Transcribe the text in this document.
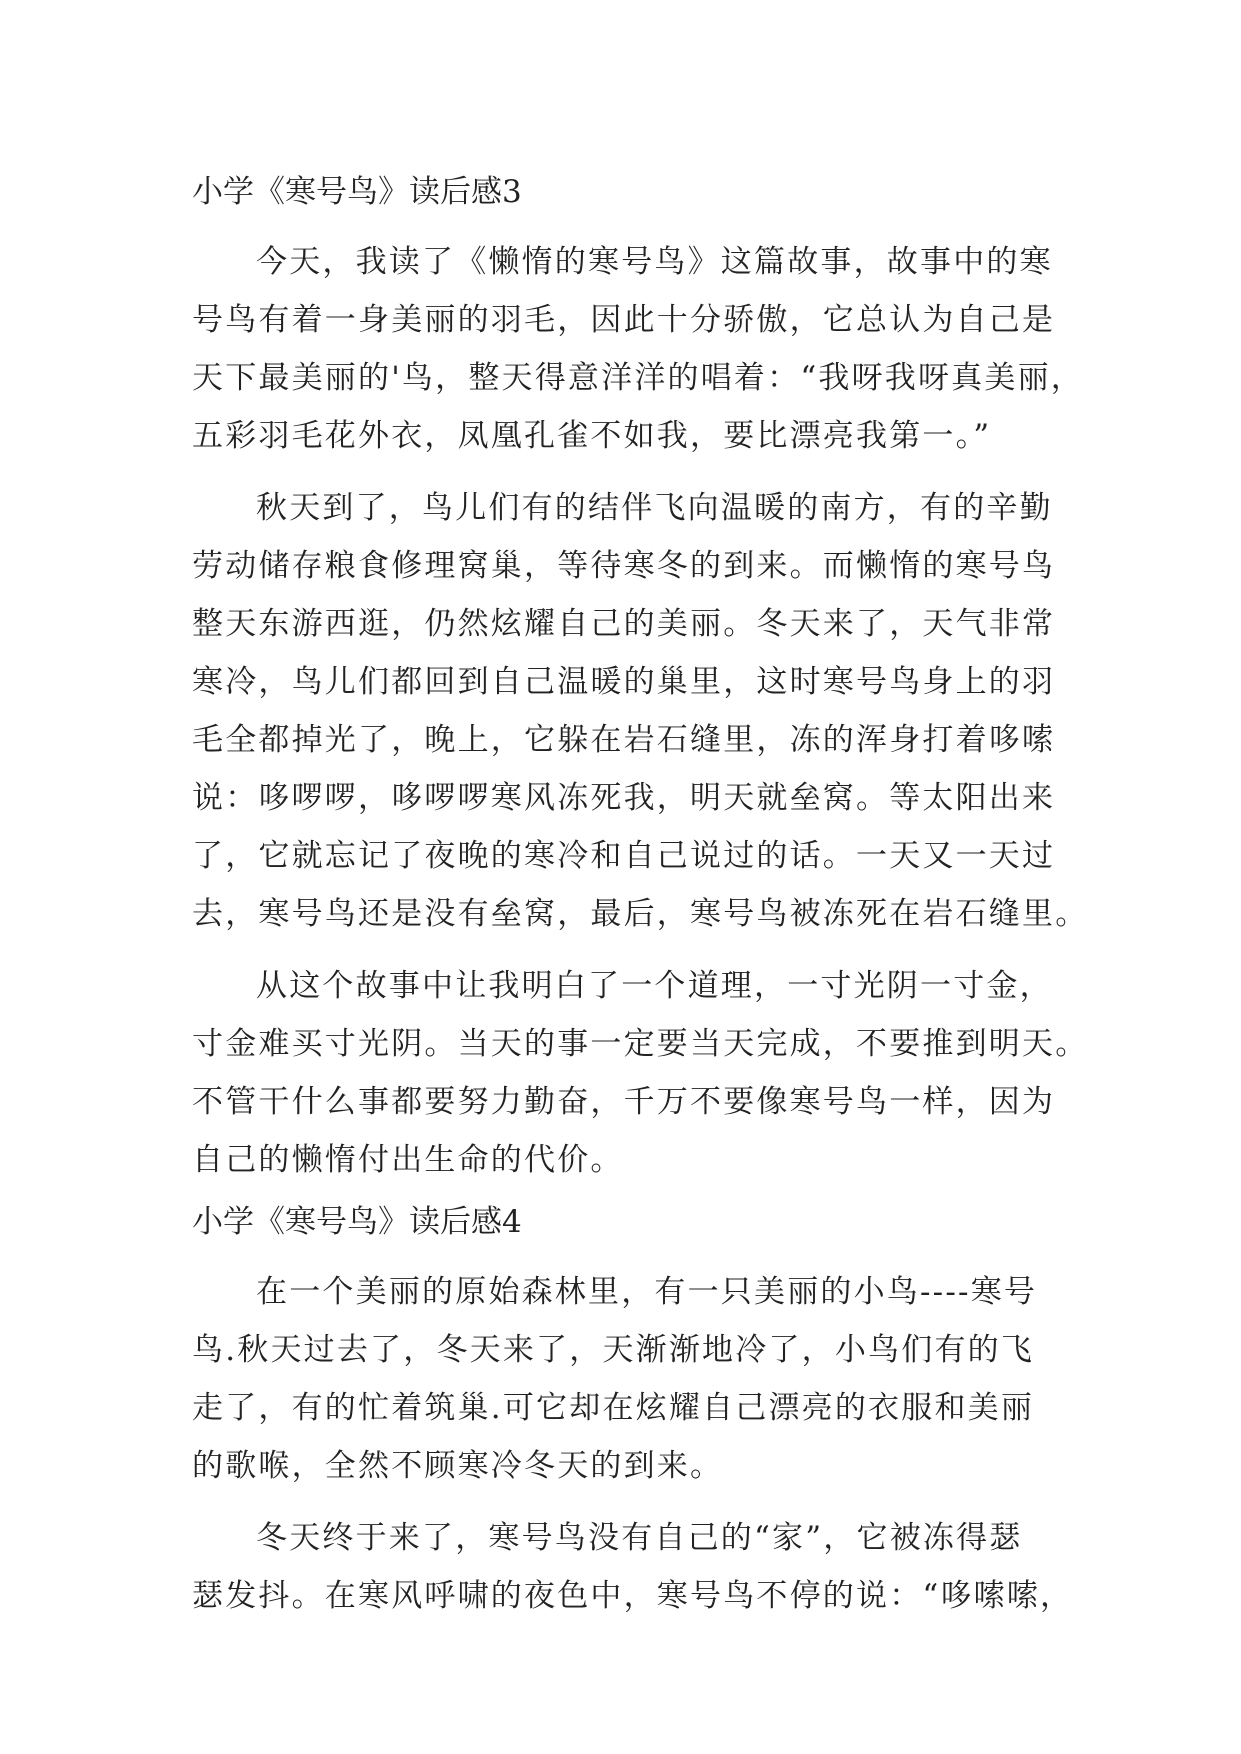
小学《寒号鸟》读后感3
今天，我读了《懒惰的寒号鸟》这篇故事，故事中的寒
号鸟有着一身美丽的羽毛，因此十分骄傲，它总认为自己是
天下最美丽的'鸟，整天得意洋洋的唱着：“我呀我呀真美丽，
五彩羽毛花外衣，凤凰孔雀不如我，要比漂亮我第一。”
秋天到了，鸟儿们有的结伴飞向温暖的南方，有的辛勤
劳动储存粮食修理窝巢，等待寒冬的到来。而懒惰的寒号鸟
整天东游西逛，仍然炫耀自己的美丽。冬天来了，天气非常
寒冷，鸟儿们都回到自己温暖的巢里，这时寒号鸟身上的羽
毛全都掉光了，晚上，它躲在岩石缝里，冻的浑身打着哆嗦
说：哆啰啰，哆啰啰寒风冻死我，明天就垒窝。等太阳出来
了，它就忘记了夜晚的寒冷和自己说过的话。一天又一天过
去，寒号鸟还是没有垒窝，最后，寒号鸟被冻死在岩石缝里。
从这个故事中让我明白了一个道理，一寸光阴一寸金，
寸金难买寸光阴。当天的事一定要当天完成，不要推到明天。
不管干什么事都要努力勤奋，千万不要像寒号鸟一样，因为
自己的懒惰付出生命的代价。
小学《寒号鸟》读后感4
在一个美丽的原始森林里，有一只美丽的小鸟----寒号
鸟.秋天过去了，冬天来了，天渐渐地冷了，小鸟们有的飞
走了，有的忙着筑巢.可它却在炫耀自己漂亮的衣服和美丽
的歌喉，全然不顾寒冷冬天的到来。
冬天终于来了，寒号鸟没有自己的“家”，它被冻得瑟
瑟发抖。在寒风呼啸的夜色中，寒号鸟不停的说：“哆嗦嗦，
